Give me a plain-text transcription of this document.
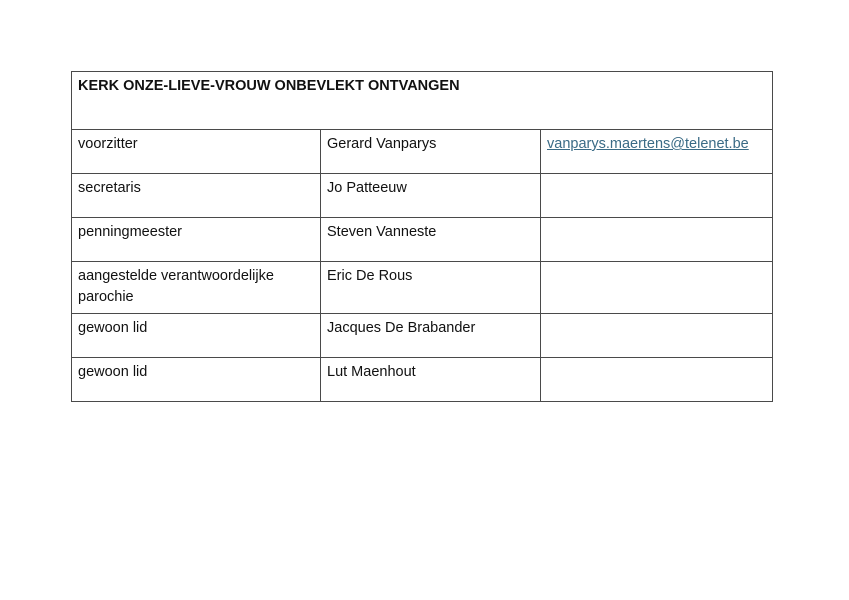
KERK ONZE-LIEVE-VROUW ONBEVLEKT ONTVANGEN		
voorzitter	Gerard Vanparys	vanparys.maertens@telenet.be
secretaris	Jo Patteeuw	
penningmeester	Steven Vanneste	
aangestelde verantwoordelijke parochie	Eric De Rous	
gewoon lid	Jacques De Brabander	
gewoon lid	Lut Maenhout	
